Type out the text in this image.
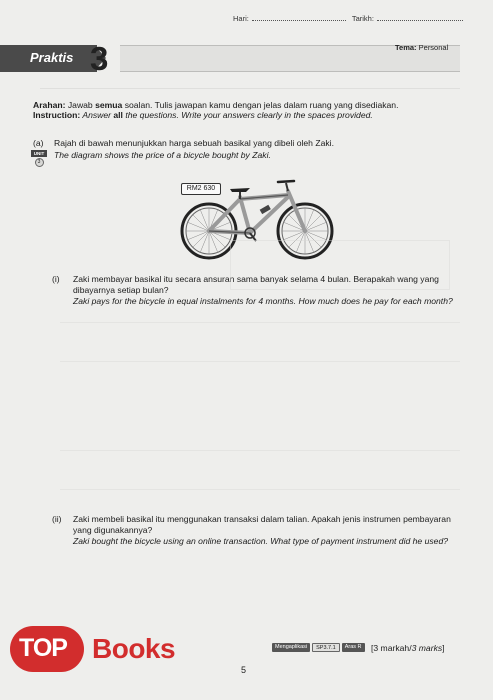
Hari:	Tarikh:
Praktis 3	Tema: Personal
Arahan: Jawab semua soalan. Tulis jawapan kamu dengan jelas dalam ruang yang disediakan.
Instruction: Answer all the questions. Write your answers clearly in the spaces provided.
(a) Rajah di bawah menunjukkan harga sebuah basikal yang dibeli oleh Zaki.
UNIT
3
The diagram shows the price of a bicycle bought by Zaki.
RM2 630
(i) Zaki membayar basikal itu secara ansuran sama banyak selama 4 bulan. Berapakah wang yang dibayarnya setiap bulan?
Zaki pays for the bicycle in equal instalments for 4 months. How much does he pay for each month?
(ii) Zaki membeli basikal itu menggunakan transaksi dalam talian. Apakah jenis instrumen pembayaran yang digunakannya?
Zaki bought the bicycle using an online transaction. What type of payment instrument did he used?
Mengaplikasi	SP3.7.1	Aras R	[3 markah/3 marks]
5
TOP Books
